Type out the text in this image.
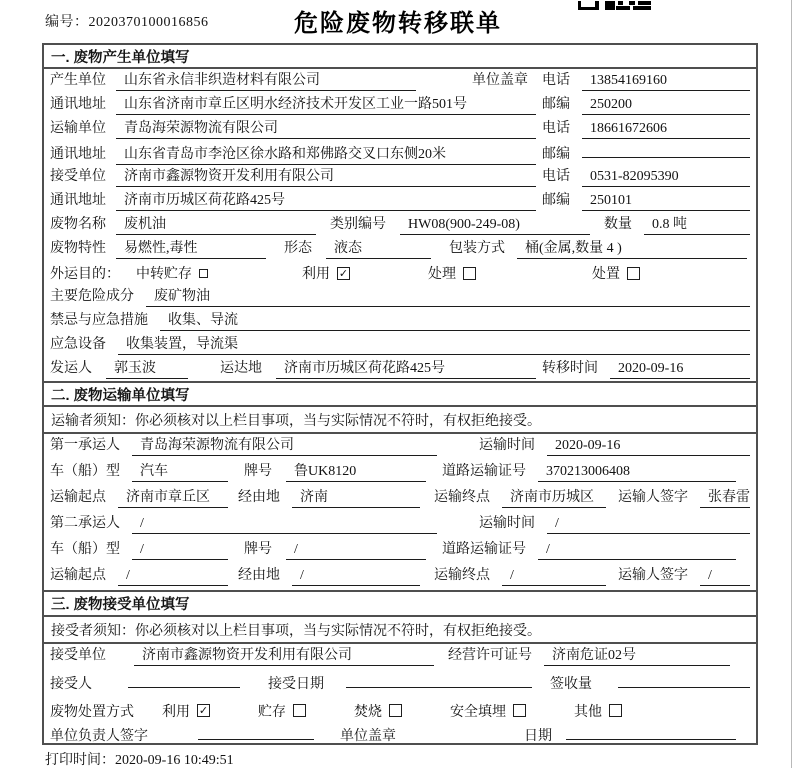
编号：2020370100016856	危险废物转移联单
一. 废物产生单位填写
产生单位	山东省永信非织造材料有限公司	单位盖章 电话	13854169160
通讯地址	山东省济南市章丘区明水经济技术开发区工业一路501号	邮编	250200
运输单位	青岛海荣源物流有限公司	电话	18661672606
通讯地址	山东省青岛市李沧区徐水路和郑佛路交叉口东侧20米	邮编
接受单位	济南市鑫源物资开发利用有限公司	电话	0531-82095390
通讯地址	济南市历城区荷花路425号	邮编	250101
废物名称	废机油	类别编号	HW08(900-249-08)	数量	0.8 吨
废物特性	易燃性,毒性	形态	液态	包装方式	桶(金属,数量 4 )
外运目的： 中转贮存	利用 ✓	处理	处置
主要危险成分	废矿物油
禁忌与应急措施	收集、导流
应急设备	收集装置，导流渠
发运人	郭玉波	运达地	济南市历城区荷花路425号	转移时间	2020-09-16
二. 废物运输单位填写
运输者须知：你必须核对以上栏目事项，当与实际情况不符时，有权拒绝接受。
第一承运人	青岛海荣源物流有限公司	运输时间	2020-09-16
车（船）型	汽车	牌号	鲁UK8120	道路运输证号	370213006408
运输起点	济南市章丘区	经由地	济南	运输终点	济南市历城区	运输人签字	张春雷
第二承运人	/	运输时间	/
车（船）型	/	牌号	/	道路运输证号	/
运输起点	/	经由地	/	运输终点	/	运输人签字	/
三. 废物接受单位填写
接受者须知：你必须核对以上栏目事项，当与实际情况不符时，有权拒绝接受。
接受单位	济南市鑫源物资开发利用有限公司	经营许可证号	济南危证02号
接受人	接受日期	签收量
废物处置方式 利用 ✓	贮存	焚烧	安全填埋	其他
单位负责人签字	单位盖章	日期
打印时间：2020-09-16 10:49:51
